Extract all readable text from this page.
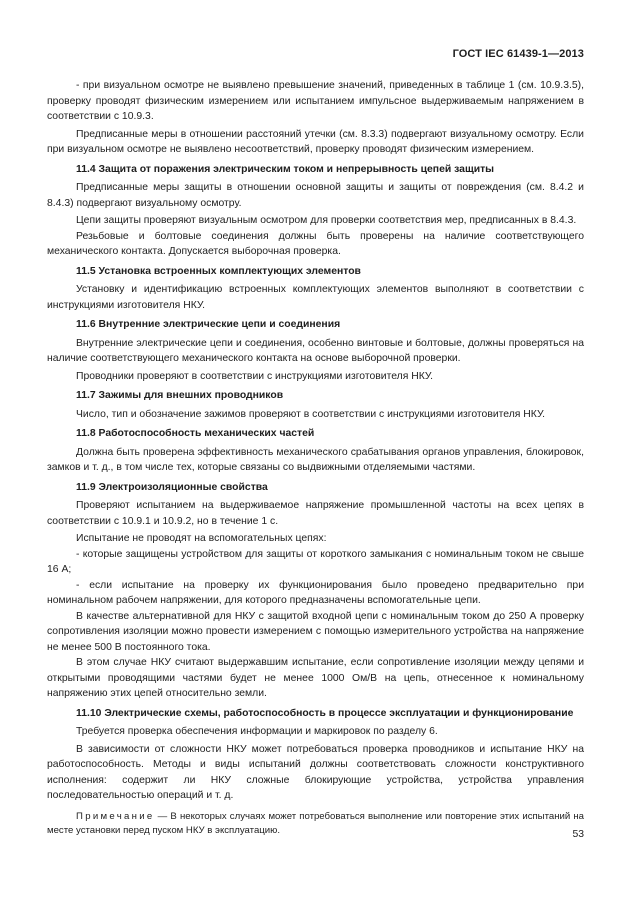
ГОСТ IEC 61439-1—2013

- при визуальном осмотре не выявлено превышение значений, приведенных в таблице 1 (см. 10.9.3.5), проверку проводят физическим измерением или испытанием импульсное выдерживаемым напряжением в соответствии с 10.9.3.

Предписанные меры в отношении расстояний утечки (см. 8.3.3) подвергают визуальному осмотру. Если при визуальном осмотре не выявлено несоответствий, проверку проводят физическим измерением.

11.4 Защита от поражения электрическим током и непрерывность цепей защиты

Предписанные меры защиты в отношении основной защиты и защиты от повреждения (см. 8.4.2 и 8.4.3) подвергают визуальному осмотру.

Цепи защиты проверяют визуальным осмотром для проверки соответствия мер, предписанных в 8.4.3.

Резьбовые и болтовые соединения должны быть проверены на наличие соответствующего механического контакта. Допускается выборочная проверка.

11.5 Установка встроенных комплектующих элементов

Установку и идентификацию встроенных комплектующих элементов выполняют в соответствии с инструкциями изготовителя НКУ.

11.6 Внутренние электрические цепи и соединения

Внутренние электрические цепи и соединения, особенно винтовые и болтовые, должны проверяться на наличие соответствующего механического контакта на основе выборочной проверки.

Проводники проверяют в соответствии с инструкциями изготовителя НКУ.

11.7 Зажимы для внешних проводников

Число, тип и обозначение зажимов проверяют в соответствии с инструкциями изготовителя НКУ.

11.8 Работоспособность механических частей

Должна быть проверена эффективность механического срабатывания органов управления, блокировок, замков и т. д., в том числе тех, которые связаны со выдвижными отделяемыми частями.

11.9 Электроизоляционные свойства

Проверяют испытанием на выдерживаемое напряжение промышленной частоты на всех цепях в соответствии с 10.9.1 и 10.9.2, но в течение 1 с.

Испытание не проводят на вспомогательных цепях:

- которые защищены устройством для защиты от короткого замыкания с номинальным током не свыше 16 А;

- если испытание на проверку их функционирования было проведено предварительно при номинальном рабочем напряжении, для которого предназначены вспомогательные цепи.

В качестве альтернативной для НКУ с защитой входной цепи с номинальным током до 250 А проверку сопротивления изоляции можно провести измерением с помощью измерительного устройства на напряжение не менее 500 В постоянного тока.

В этом случае НКУ считают выдержавшим испытание, если сопротивление изоляции между цепями и открытыми проводящими частями будет не менее 1000 Ом/В на цепь, отнесенное к номинальному напряжению этих цепей относительно земли.

11.10 Электрические схемы, работоспособность в процессе эксплуатации и функционирование

Требуется проверка обеспечения информации и маркировок по разделу 6.

В зависимости от сложности НКУ может потребоваться проверка проводников и испытание НКУ на работоспособность. Методы и виды испытаний должны соответствовать сложности конструктивного исполнения: содержит ли НКУ сложные блокирующие устройства, устройства управления последовательностью операций и т. д.

Примечание — В некоторых случаях может потребоваться выполнение или повторение этих испытаний на месте установки перед пуском НКУ в эксплуатацию.	53
